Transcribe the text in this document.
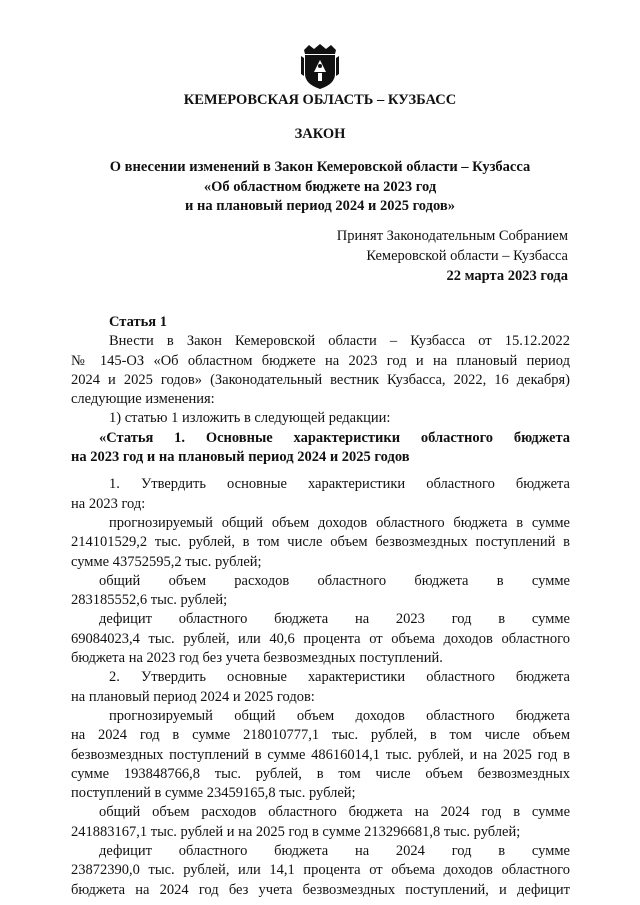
КЕМЕРОВСКАЯ ОБЛАСТЬ – КУЗБАСС

ЗАКОН

О внесении изменений в Закон Кемеровской области – Кузбасса

«Об областном бюджете на 2023 год

и на плановый период 2024 и 2025 годов»

Принят Законодательным Собранием

Кемеровской области – Кузбасса

22 марта 2023 года

Статья 1

Внести в Закон Кемеровской области – Кузбасса от 15.12.2022

№ 145-ОЗ «Об областном бюджете на 2023 год и на плановый период

2024 и 2025 годов» (Законодательный вестник Кузбасса, 2022, 16 декабря)

следующие изменения:

1) статью 1 изложить в следующей редакции:

«Статья 1. Основные характеристики областного бюджета

на 2023 год и на плановый период 2024 и 2025 годов

1. Утвердить основные характеристики областного бюджета

на 2023 год:

прогнозируемый общий объем доходов областного бюджета в сумме

214101529,2 тыс. рублей, в том числе объем безвозмездных поступлений в

сумме 43752595,2 тыс. рублей;

общий объем расходов областного бюджета в сумме

283185552,6 тыс. рублей;

дефицит областного бюджета на 2023 год в сумме

69084023,4 тыс. рублей, или 40,6 процента от объема доходов областного

бюджета на 2023 год без учета безвозмездных поступлений.

2. Утвердить основные характеристики областного бюджета

на плановый период 2024 и 2025 годов:

прогнозируемый общий объем доходов областного бюджета

на 2024 год в сумме 218010777,1 тыс. рублей, в том числе объем

безвозмездных поступлений в сумме 48616014,1 тыс. рублей, и на 2025 год в

сумме 193848766,8 тыс. рублей, в том числе объем безвозмездных

поступлений в сумме 23459165,8 тыс. рублей;

общий объем расходов областного бюджета на 2024 год в сумме

241883167,1 тыс. рублей и на 2025 год в сумме 213296681,8 тыс. рублей;

дефицит областного бюджета на 2024 год в сумме

23872390,0 тыс. рублей, или 14,1 процента от объема доходов областного

бюджета на 2024 год без учета безвозмездных поступлений, и дефицит
